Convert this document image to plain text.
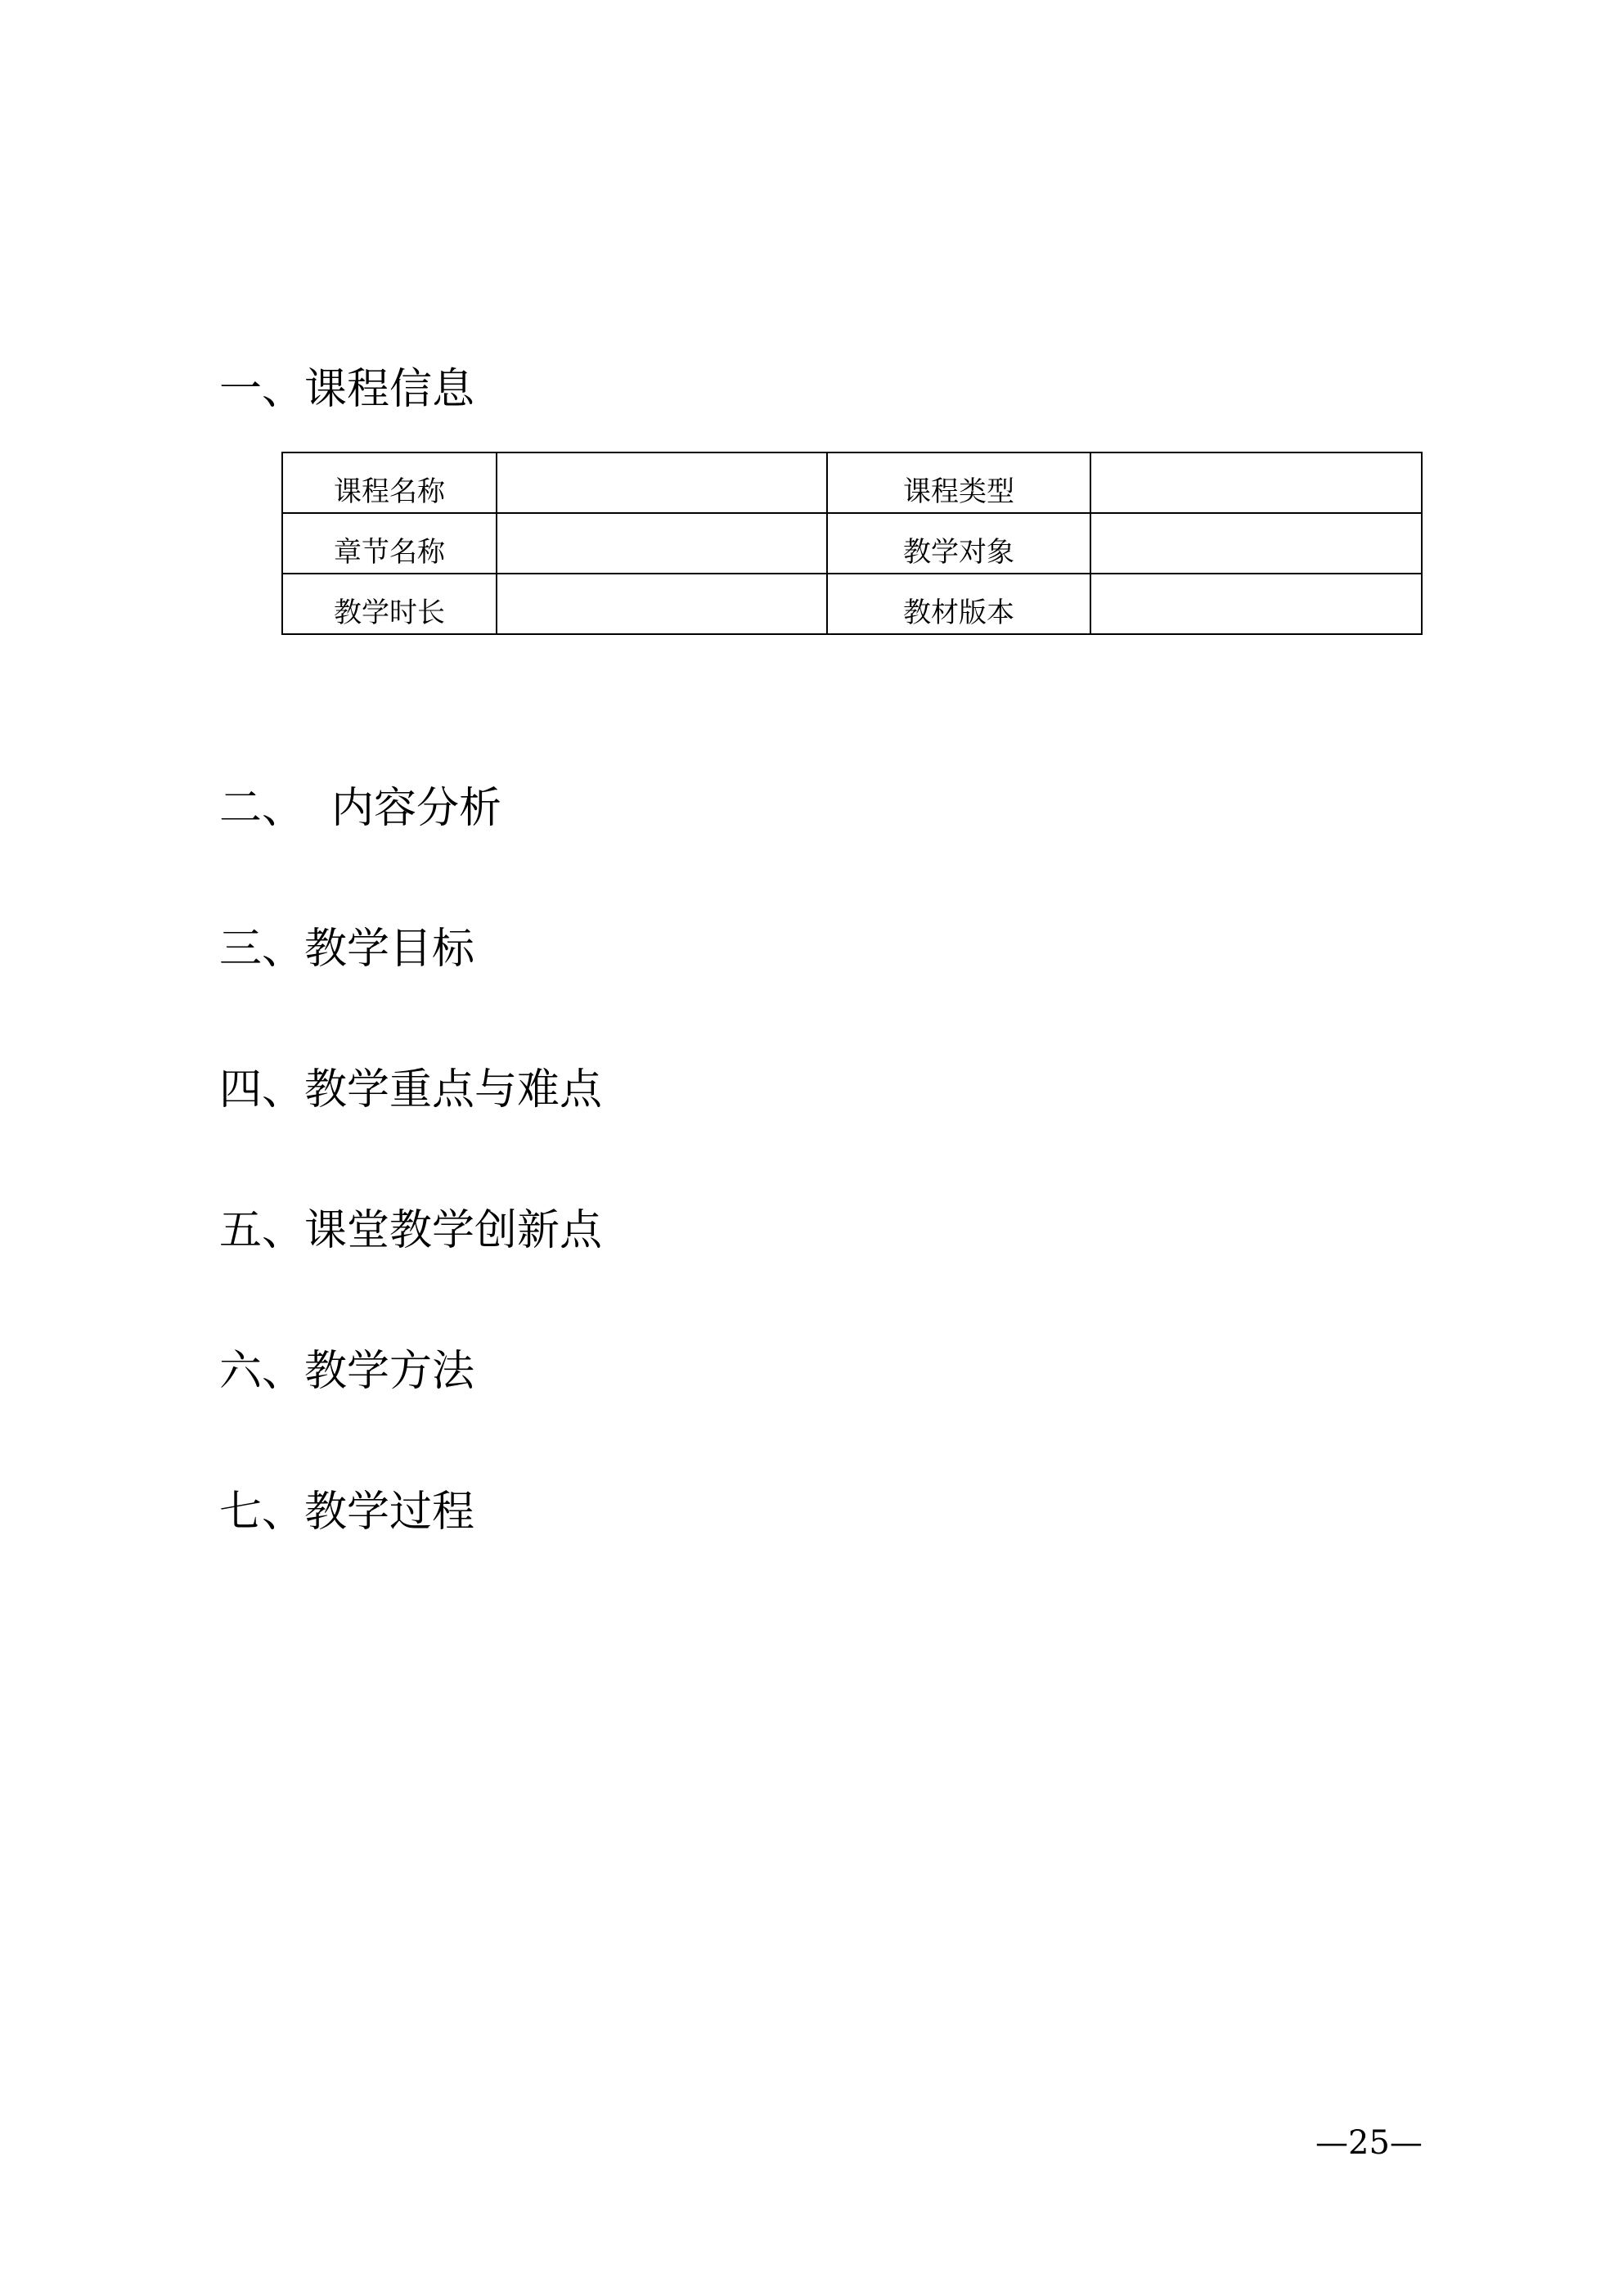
一、课程信息
课程名称		课程类型	
章节名称		教学对象	
教学时长		教材版本	
二、  内容分析
三、教学目标
四、教学重点与难点
五、课堂教学创新点
六、教学方法
七、教学过程
—25—
